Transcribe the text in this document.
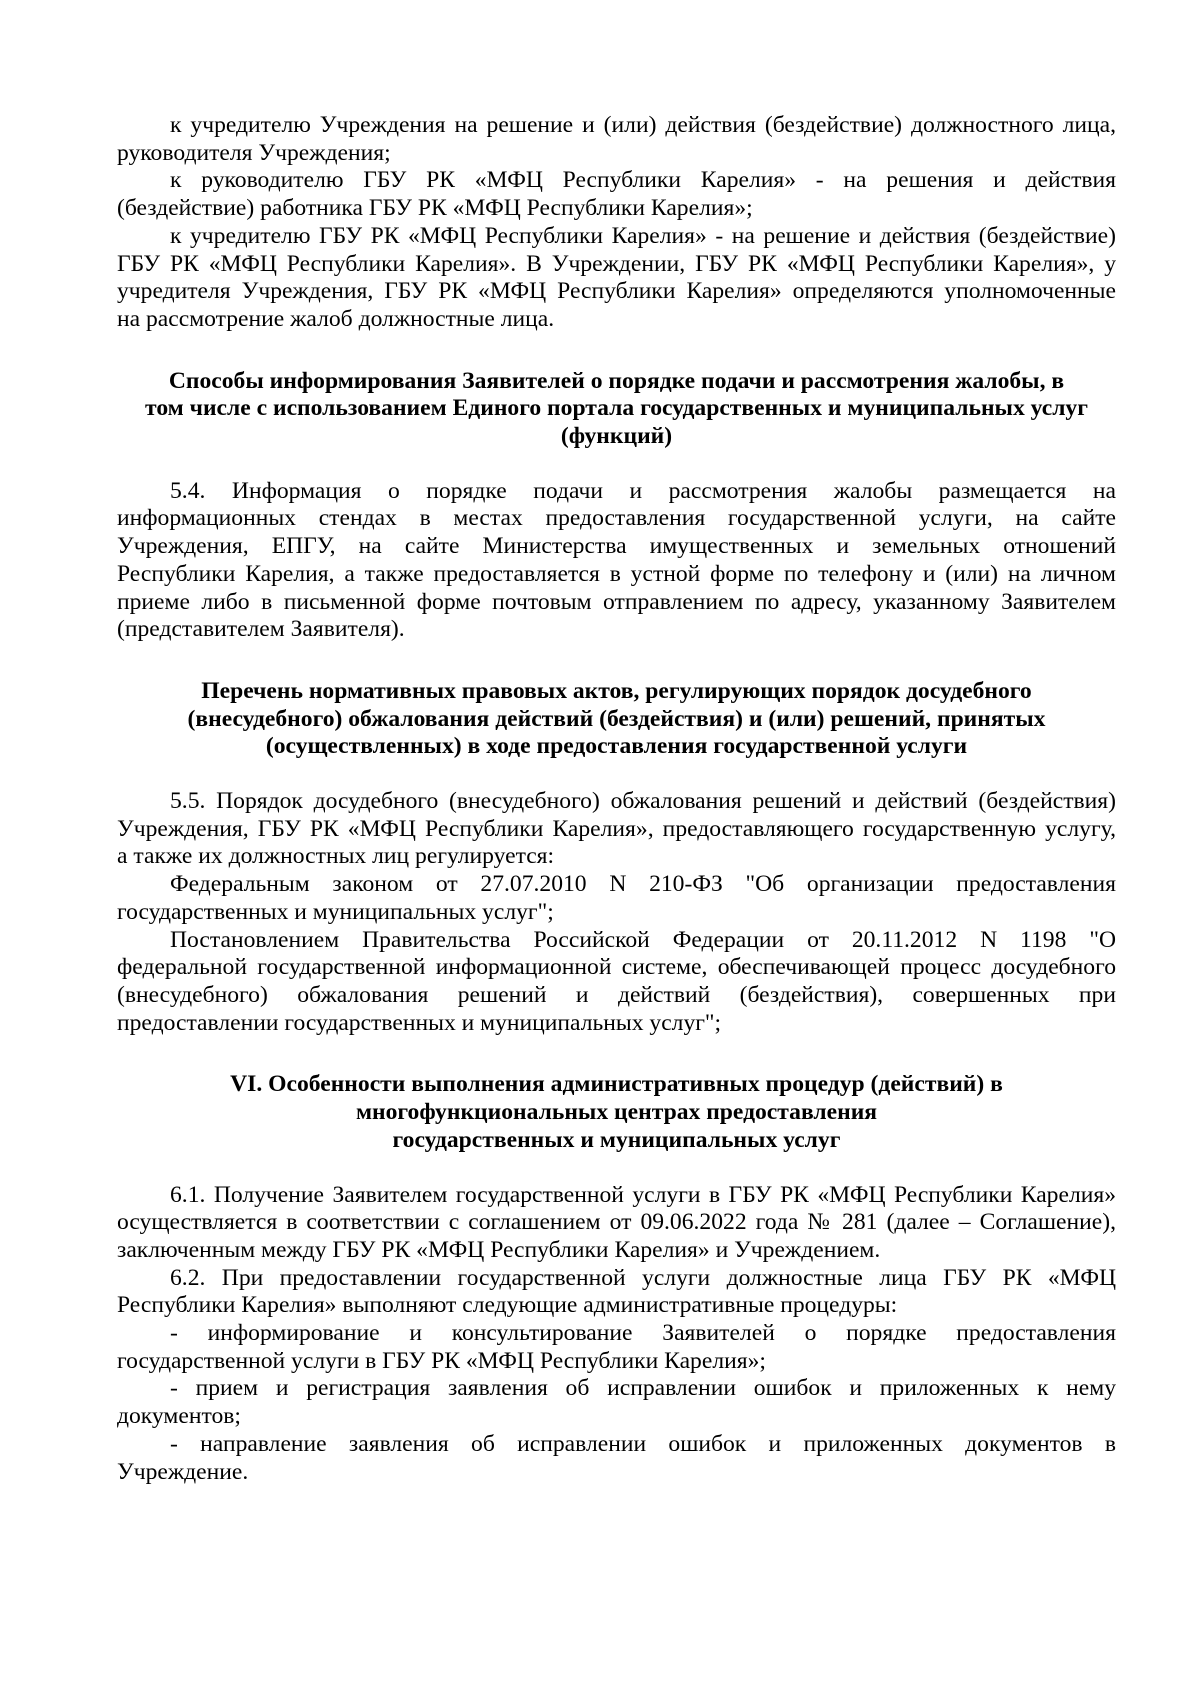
к учредителю Учреждения на решение и (или) действия (бездействие) должностного лица,

руководителя Учреждения;

к руководителю ГБУ РК «МФЦ Республики Карелия» - на решения и действия

(бездействие) работника ГБУ РК «МФЦ Республики Карелия»;

к учредителю ГБУ РК «МФЦ Республики Карелия» - на решение и действия (бездействие)

ГБУ РК «МФЦ Республики Карелия». В Учреждении, ГБУ РК «МФЦ Республики Карелия», у

учредителя Учреждения, ГБУ РК «МФЦ Республики Карелия» определяются уполномоченные

на рассмотрение жалоб должностные лица.

Способы информирования Заявителей о порядке подачи и рассмотрения жалобы, в
том числе с использованием Единого портала государственных и муниципальных услуг
(функций)

5.4. Информация о порядке подачи и рассмотрения жалобы размещается на

информационных стендах в местах предоставления государственной услуги, на сайте

Учреждения, ЕПГУ, на сайте Министерства имущественных и земельных отношений

Республики Карелия, а также предоставляется в устной форме по телефону и (или) на личном

приеме либо в письменной форме почтовым отправлением по адресу, указанному Заявителем

(представителем Заявителя).

Перечень нормативных правовых актов, регулирующих порядок досудебного
(внесудебного) обжалования действий (бездействия) и (или) решений, принятых
(осуществленных) в ходе предоставления государственной услуги

5.5. Порядок досудебного (внесудебного) обжалования решений и действий (бездействия)

Учреждения, ГБУ РК «МФЦ Республики Карелия», предоставляющего государственную услугу,

а также их должностных лиц регулируется:

Федеральным законом от 27.07.2010 N 210-ФЗ "Об организации предоставления

государственных и муниципальных услуг";

Постановлением Правительства Российской Федерации от 20.11.2012 N 1198 "О

федеральной государственной информационной системе, обеспечивающей процесс досудебного

(внесудебного) обжалования решений и действий (бездействия), совершенных при

предоставлении государственных и муниципальных услуг";

VI. Особенности выполнения административных процедур (действий) в
многофункциональных центрах предоставления
государственных и муниципальных услуг

6.1. Получение Заявителем государственной услуги в ГБУ РК «МФЦ Республики Карелия»

осуществляется в соответствии с соглашением от 09.06.2022 года № 281 (далее – Соглашение),

заключенным между ГБУ РК «МФЦ Республики Карелия» и Учреждением.

6.2. При предоставлении государственной услуги должностные лица ГБУ РК «МФЦ

Республики Карелия» выполняют следующие административные процедуры:

- информирование и консультирование Заявителей о порядке предоставления

государственной услуги в ГБУ РК «МФЦ Республики Карелия»;

- прием и регистрация заявления об исправлении ошибок и приложенных к нему

документов;

- направление заявления об исправлении ошибок и приложенных документов в

Учреждение.
